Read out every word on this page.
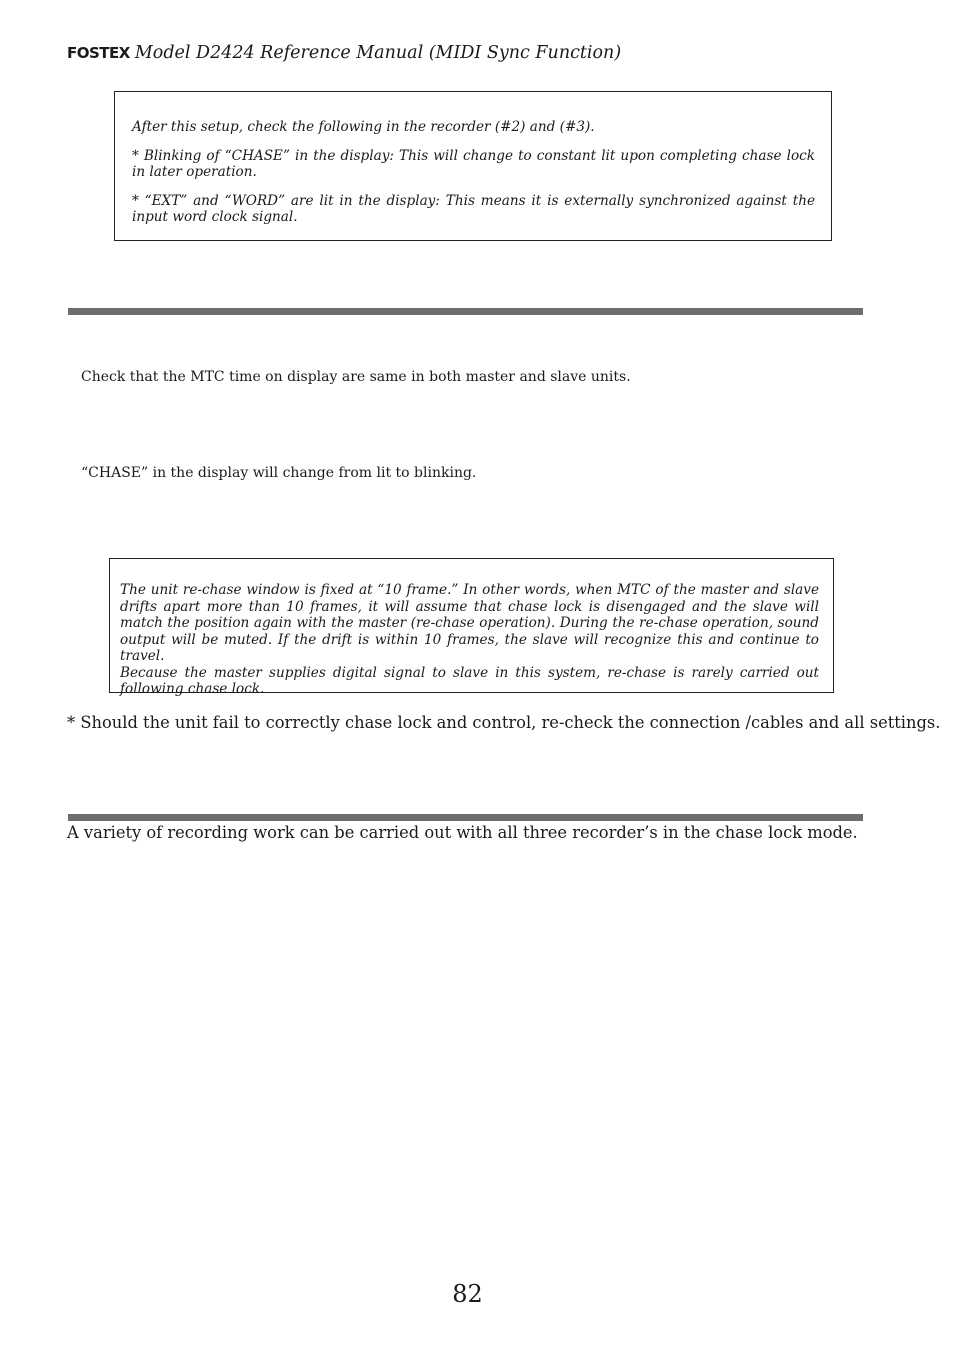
FOSTEX Model D2424 Reference Manual (MIDI Sync Function)

After this setup, check the following in the recorder (#2) and (#3).

* Blinking of “CHASE” in the display: This will change to constant lit upon completing chase lock in later operation.

* “EXT” and “WORD” are lit in the display: This means it is externally synchronized against the input word clock signal.

Check that the MTC time on display are same in both master and slave units.
“CHASE” in the display will change from lit to blinking.

The unit re-chase window is fixed at “10 frame.” In other words, when MTC of the master and slave drifts apart more than 10 frames, it will assume that chase lock is disengaged and the slave will match the position again with the master (re-chase operation). During the re-chase operation, sound output will be muted. If the drift is within 10 frames, the slave will recognize this and continue to travel.

Because the master supplies digital signal to slave in this system, re-chase is rarely carried out following chase lock.

* Should the unit fail to correctly chase lock and control, re-check the connection /cables and all settings.
A variety of recording work can be carried out with all three recorder’s in the chase lock mode.
82
